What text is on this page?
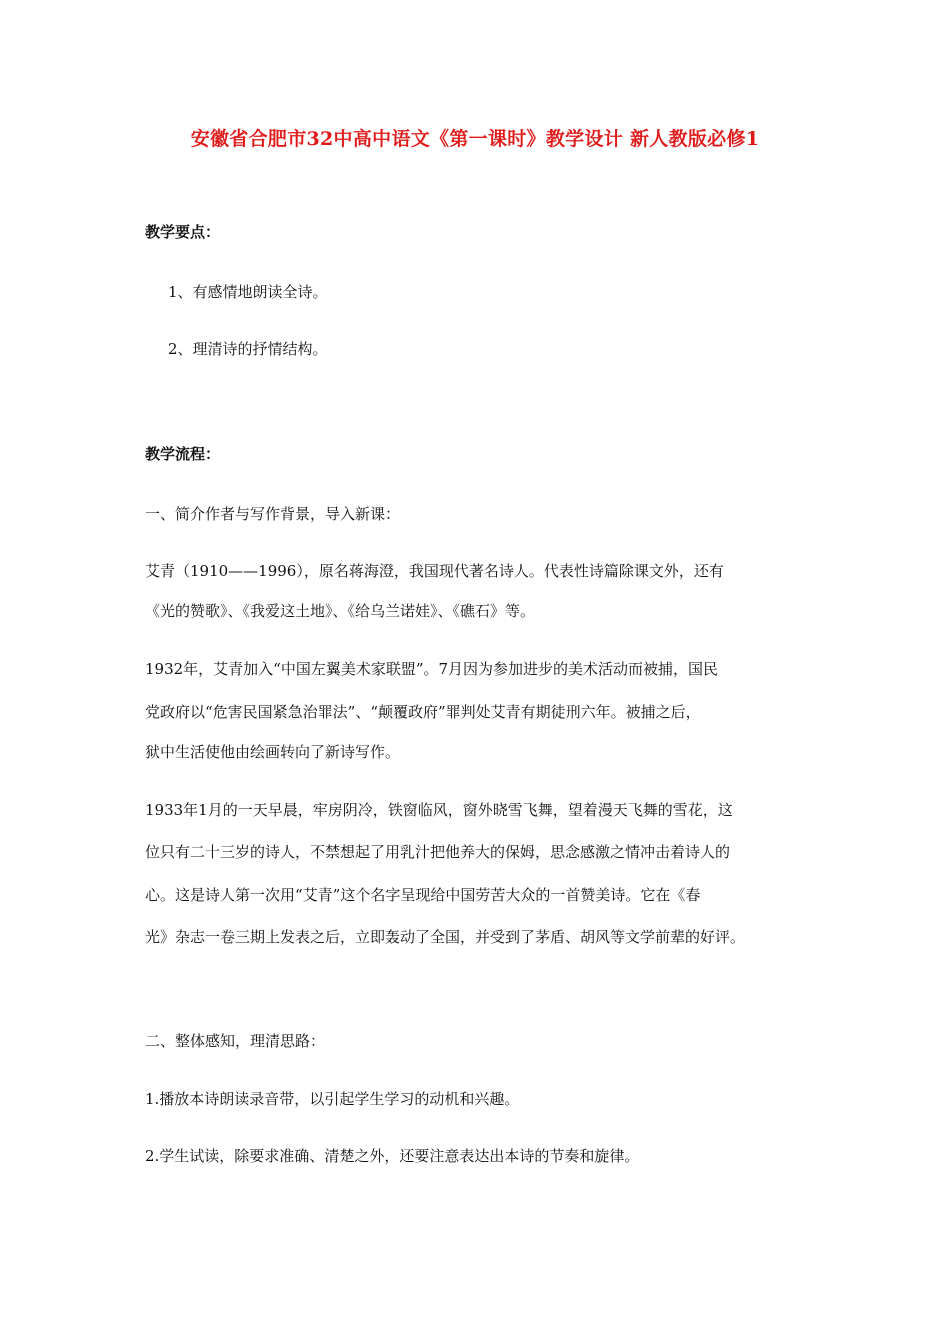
安徽省合肥市32中高中语文《第一课时》教学设计 新人教版必修1
教学要点：
1、有感情地朗读全诗。
2、理清诗的抒情结构。
教学流程：
一、简介作者与写作背景，导入新课：
艾青（1910——1996），原名蒋海澄，我国现代著名诗人。代表性诗篇除课文外，还有
《光的赞歌》、《我爱这土地》、《给乌兰诺娃》、《礁石》等。
1932年，艾青加入“中国左翼美术家联盟”。7月因为参加进步的美术活动而被捕，国民
党政府以“危害民国紧急治罪法”、“颠覆政府”罪判处艾青有期徒刑六年。被捕之后，
狱中生活使他由绘画转向了新诗写作。
1933年1月的一天早晨，牢房阴冷，铁窗临风，窗外晓雪飞舞，望着漫天飞舞的雪花，这
位只有二十三岁的诗人，不禁想起了用乳汁把他养大的保姆，思念感激之情冲击着诗人的
心。这是诗人第一次用“艾青”这个名字呈现给中国劳苦大众的一首赞美诗。它在《春
光》杂志一卷三期上发表之后，立即轰动了全国，并受到了茅盾、胡风等文学前辈的好评。
二、整体感知，理清思路：
1.播放本诗朗读录音带，以引起学生学习的动机和兴趣。
2.学生试读，除要求准确、清楚之外，还要注意表达出本诗的节奏和旋律。
